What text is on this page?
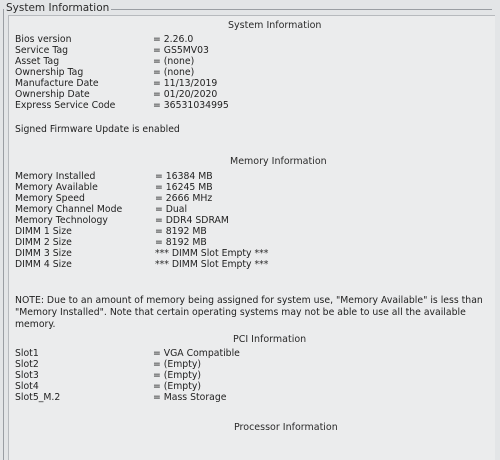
System Information
System Information
Bios version	= 2.26.0
Service Tag	= GS5MV03
Asset Tag	= (none)
Ownership Tag	= (none)
Manufacture Date	= 11/13/2019
Ownership Date	= 01/20/2020
Express Service Code	= 36531034995
Signed Firmware Update is enabled
Memory Information
Memory Installed	= 16384 MB
Memory Available	= 16245 MB
Memory Speed	= 2666 MHz
Memory Channel Mode	= Dual
Memory Technology	= DDR4 SDRAM
DIMM 1 Size	= 8192 MB
DIMM 2 Size	= 8192 MB
DIMM 3 Size	*** DIMM Slot Empty ***
DIMM 4 Size	*** DIMM Slot Empty ***
NOTE: Due to an amount of memory being assigned for system use, "Memory Available" is less than "Memory Installed". Note that certain operating systems may not be able to use all the available memory.
PCI Information
Slot1	= VGA Compatible
Slot2	= (Empty)
Slot3	= (Empty)
Slot4	= (Empty)
Slot5_M.2	= Mass Storage
Processor Information
